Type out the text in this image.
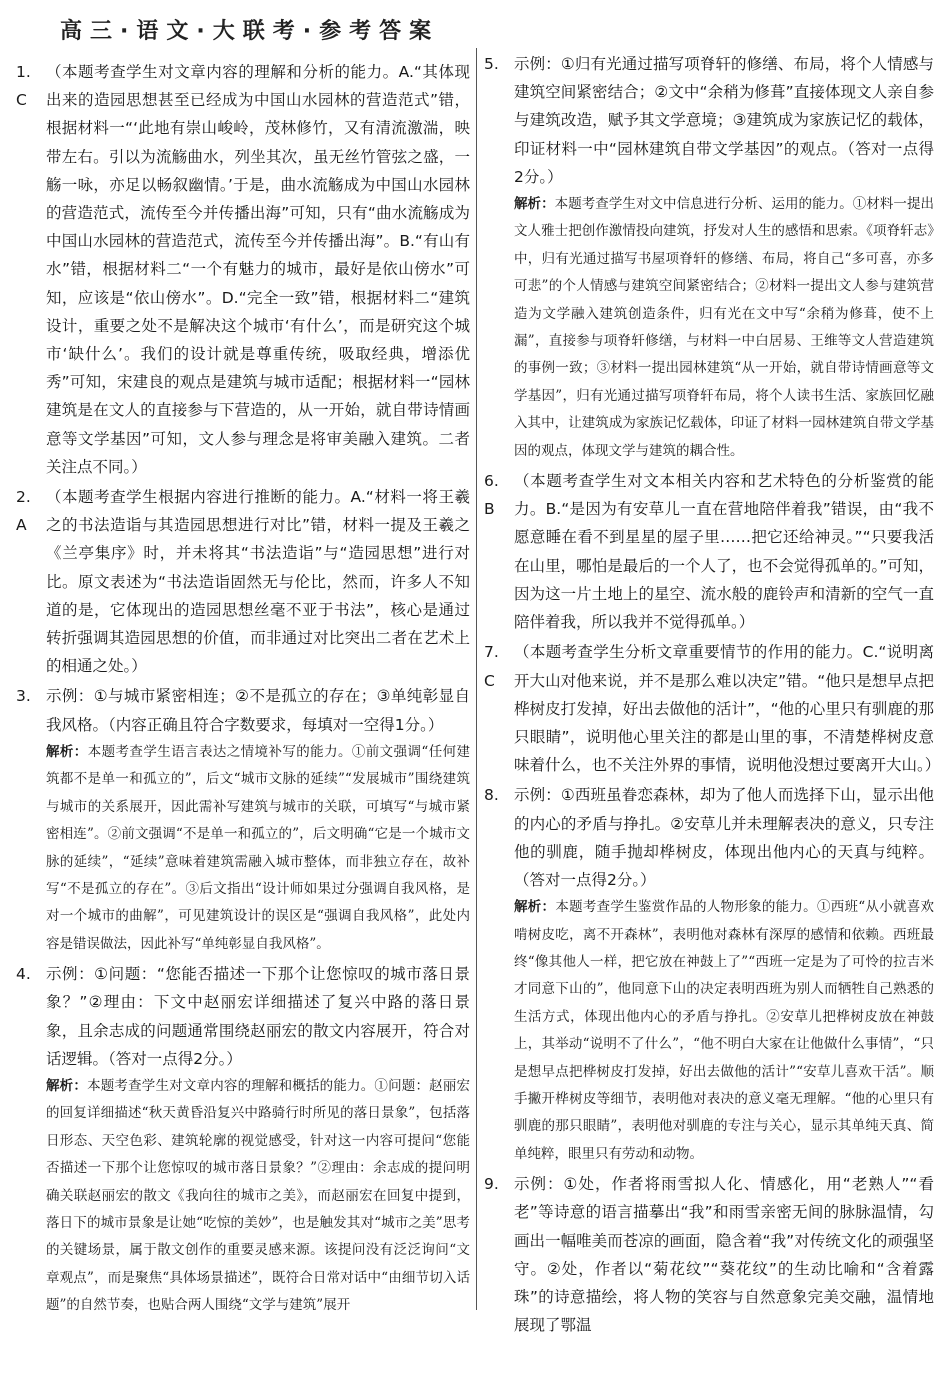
高三·语文·大联考·参考答案
1. C

（本题考查学生对文章内容的理解和分析的能力。A.“其体现出来的造园思想甚至已经成为中国山水园林的营造范式”错，根据材料一“‘此地有崇山峻岭，茂林修竹，又有清流激湍，映带左右。引以为流觞曲水，列坐其次，虽无丝竹管弦之盛，一觞一咏，亦足以畅叙幽情。’于是，曲水流觞成为中国山水园林的营造范式，流传至今并传播出海”可知，只有“曲水流觞成为中国山水园林的营造范式，流传至今并传播出海”。B.“有山有水”错，根据材料二“一个有魅力的城市，最好是依山傍水”可知，应该是“依山傍水”。D.“完全一致”错，根据材料二“建筑设计，重要之处不是解决这个城市‘有什么’，而是研究这个城市‘缺什么’。我们的设计就是尊重传统，吸取经典，增添优秀”可知，宋建良的观点是建筑与城市适配；根据材料一“园林建筑是在文人的直接参与下营造的，从一开始，就自带诗情画意等文学基因”可知，文人参与理念是将审美融入建筑。二者关注点不同。）

2. A

（本题考查学生根据内容进行推断的能力。A.“材料一将王羲之的书法造诣与其造园思想进行对比”错，材料一提及王羲之《兰亭集序》时，并未将其“书法造诣”与“造园思想”进行对比。原文表述为“书法造诣固然无与伦比，然而，许多人不知道的是，它体现出的造园思想丝毫不亚于书法”，核心是通过转折强调其造园思想的价值，而非通过对比突出二者在艺术上的相通之处。）

3. 示例：①与城市紧密相连；②不是孤立的存在；③单纯彰显自我风格。（内容正确且符合字数要求，每填对一空得1分。）

解析：本题考查学生语言表达之情境补写的能力。①前文强调“任何建筑都不是单一和孤立的”，后文“城市文脉的延续”“发展城市”围绕建筑与城市的关系展开，因此需补写建筑与城市的关联，可填写“与城市紧密相连”。②前文强调“不是单一和孤立的”，后文明确“它是一个城市文脉的延续”，“延续”意味着建筑需融入城市整体，而非独立存在，故补写“不是孤立的存在”。③后文指出“设计师如果过分强调自我风格，是对一个城市的曲解”，可见建筑设计的误区是“强调自我风格”，此处内容是错误做法，因此补写“单纯彰显自我风格”。

4. 示例：①问题：“您能否描述一下那个让您惊叹的城市落日景象？”②理由：下文中赵丽宏详细描述了复兴中路的落日景象，且余志成的问题通常围绕赵丽宏的散文内容展开，符合对话逻辑。（答对一点得2分。）

解析：本题考查学生对文章内容的理解和概括的能力。①问题：赵丽宏的回复详细描述“秋天黄昏沿复兴中路骑行时所见的落日景象”，包括落日形态、天空色彩、建筑轮廓的视觉感受，针对这一内容可提问“您能否描述一下那个让您惊叹的城市落日景象？”②理由：余志成的提问明确关联赵丽宏的散文《我向往的城市之美》，而赵丽宏在回复中提到，落日下的城市景象是让她“吃惊的美妙”，也是触发其对“城市之美”思考的关键场景，属于散文创作的重要灵感来源。该提问没有泛泛询问“文章观点”，而是聚焦“具体场景描述”，既符合日常对话中“由细节切入话题”的自然节奏，也贴合两人围绕“文学与建筑”展开

5. 示例：①归有光通过描写项脊轩的修缮、布局，将个人情感与建筑空间紧密结合；②文中“余稍为修葺”直接体现文人亲自参与建筑改造，赋予其文学意境；③建筑成为家族记忆的载体，印证材料一中“园林建筑自带文学基因”的观点。（答对一点得2分。）

解析：本题考查学生对文中信息进行分析、运用的能力。①材料一提出文人雅士把创作激情投向建筑，抒发对人生的感悟和思索。《项脊轩志》中，归有光通过描写书屋项脊轩的修缮、布局，将自己“多可喜，亦多可悲”的个人情感与建筑空间紧密结合；②材料一提出文人参与建筑营造为文学融入建筑创造条件，归有光在文中写“余稍为修葺，使不上漏”，直接参与项脊轩修缮，与材料一中白居易、王维等文人营造建筑的事例一致；③材料一提出园林建筑“从一开始，就自带诗情画意等文学基因”，归有光通过描写项脊轩布局，将个人读书生活、家族回忆融入其中，让建筑成为家族记忆载体，印证了材料一园林建筑自带文学基因的观点，体现文学与建筑的耦合性。

6. B

（本题考查学生对文本相关内容和艺术特色的分析鉴赏的能力。B.“是因为有安草儿一直在营地陪伴着我”错误，由“我不愿意睡在看不到星星的屋子里……把它还给神灵。”“只要我活在山里，哪怕是最后的一个人了，也不会觉得孤单的。”可知，因为这一片土地上的星空、流水般的鹿铃声和清新的空气一直陪伴着我，所以我并不觉得孤单。）

7. C

（本题考查学生分析文章重要情节的作用的能力。C.“说明离开大山对他来说，并不是那么难以决定”错。“他只是想早点把桦树皮打发掉，好出去做他的活计”，“他的心里只有驯鹿的那只眼睛”，说明他心里关注的都是山里的事，不清楚桦树皮意味着什么，也不关注外界的事情，说明他没想过要离开大山。）

8. 示例：①西班虽眷恋森林，却为了他人而选择下山，显示出他的内心的矛盾与挣扎。②安草儿并未理解表决的意义，只专注他的驯鹿，随手抛却桦树皮，体现出他内心的天真与纯粹。（答对一点得2分。）

解析：本题考查学生鉴赏作品的人物形象的能力。①西班“从小就喜欢啃树皮吃，离不开森林”，表明他对森林有深厚的感情和依赖。西班最终“像其他人一样，把它放在神鼓上了”“西班一定是为了可怜的拉吉米才同意下山的”，他同意下山的决定表明西班为别人而牺牲自己熟悉的生活方式，体现出他内心的矛盾与挣扎。②安草儿把桦树皮放在神鼓上，其举动“说明不了什么”，“他不明白大家在让他做什么事情”，“只是想早点把桦树皮打发掉，好出去做他的活计”“安草儿喜欢干活”。顺手撇开桦树皮等细节，表明他对表决的意义毫无理解。“他的心里只有驯鹿的那只眼睛”，表明他对驯鹿的专注与关心，显示其单纯天真、简单纯粹，眼里只有劳动和动物。

9. 示例：①处，作者将雨雪拟人化、情感化，用“老熟人”“看老”等诗意的语言描摹出“我”和雨雪亲密无间的脉脉温情，勾画出一幅唯美而苍凉的画面，隐含着“我”对传统文化的顽强坚守。②处，作者以“菊花纹”“葵花纹”的生动比喻和“含着露珠”的诗意描绘，将人物的笑容与自然意象完美交融，温情地展现了鄂温
